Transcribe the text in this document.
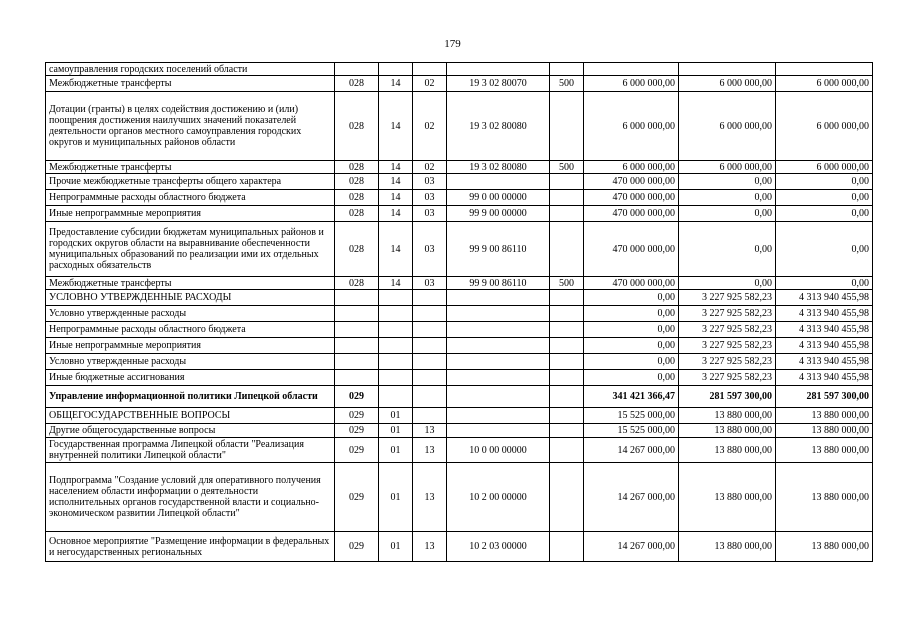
179
самоуправления городских поселений области								
Межбюджетные трансферты	028	14	02	19 3 02 80070	500	6 000 000,00	6 000 000,00	6 000 000,00
Дотации (гранты) в целях содействия достижению и (или) поощрения достижения наилучших значений показателей деятельности органов местного самоуправления городских округов и муниципальных районов области	028	14	02	19 3 02 80080		6 000 000,00	6 000 000,00	6 000 000,00
Межбюджетные трансферты	028	14	02	19 3 02 80080	500	6 000 000,00	6 000 000,00	6 000 000,00
Прочие межбюджетные трансферты общего характера	028	14	03			470 000 000,00	0,00	0,00
Непрограммные расходы областного бюджета	028	14	03	99 0 00 00000		470 000 000,00	0,00	0,00
Иные непрограммные мероприятия	028	14	03	99 9 00 00000		470 000 000,00	0,00	0,00
Предоставление субсидии бюджетам муниципальных районов и городских округов области на выравнивание обеспеченности муниципальных образований по реализации ими их отдельных расходных обязательств	028	14	03	99 9 00 86110		470 000 000,00	0,00	0,00
Межбюджетные трансферты	028	14	03	99 9 00 86110	500	470 000 000,00	0,00	0,00
УСЛОВНО УТВЕРЖДЕННЫЕ РАСХОДЫ						0,00	3 227 925 582,23	4 313 940 455,98
Условно утвержденные расходы						0,00	3 227 925 582,23	4 313 940 455,98
Непрограммные расходы областного бюджета						0,00	3 227 925 582,23	4 313 940 455,98
Иные непрограммные мероприятия						0,00	3 227 925 582,23	4 313 940 455,98
Условно утвержденные расходы						0,00	3 227 925 582,23	4 313 940 455,98
Иные бюджетные ассигнования						0,00	3 227 925 582,23	4 313 940 455,98
Управление информационной политики Липецкой области	029					341 421 366,47	281 597 300,00	281 597 300,00
ОБЩЕГОСУДАРСТВЕННЫЕ ВОПРОСЫ	029	01				15 525 000,00	13 880 000,00	13 880 000,00
Другие общегосударственные вопросы	029	01	13			15 525 000,00	13 880 000,00	13 880 000,00
Государственная программа Липецкой области "Реализация внутренней политики Липецкой области"	029	01	13	10 0 00 00000		14 267 000,00	13 880 000,00	13 880 000,00
Подпрограмма "Создание условий для оперативного получения населением области информации о деятельности исполнительных органов государственной власти и социально-экономическом развитии Липецкой области"	029	01	13	10 2 00 00000		14 267 000,00	13 880 000,00	13 880 000,00
Основное мероприятие "Размещение информации в федеральных и негосударственных региональных	029	01	13	10 2 03 00000		14 267 000,00	13 880 000,00	13 880 000,00
